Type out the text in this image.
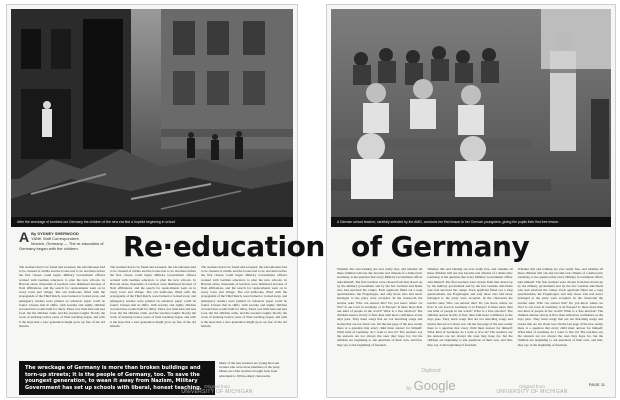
After the wreckage of bombed-out Germany the children of the new era find a hopeful beginning in school
A By SYDNEY SHERWOOD
YANK Staff Correspondent
Munich, Germany — The re-education of Germany began with the children.	Re·education
The teachers had to be found and screened, the schoolhouses had to be cleaned of rubble and the books had to be rewritten before the first classes could begin. Military Government officers worked with German educators to plan the new schools. In Bavaria alone, thousands of teachers were dismissed because of Nazi affiliations, and the search for replacements went on in every town and village. The old textbooks, filled with the propaganda of the Third Reich, were burned or locked away, and emergency readers were printed on whatever paper could be found. Classes met in shifts, with seventy and eighty children crowded into rooms built for thirty. There was little heat and less food, but the children came, and the teachers taught. Slowly the work of undoing twelve years of Nazi teaching began, and with it the hope that a new generation might grow up free of the old hatreds.
The teachers had to be found and screened, the schoolhouses had to be cleaned of rubble and the books had to be rewritten before the first classes could begin. Military Government officers worked with German educators to plan the new schools. In Bavaria alone, thousands of teachers were dismissed because of Nazi affiliations, and the search for replacements went on in every town and village. The old textbooks, filled with the propaganda of the Third Reich, were burned or locked away, and emergency readers were printed on whatever paper could be found. Classes met in shifts, with seventy and eighty children crowded into rooms built for thirty. There was little heat and less food, but the children came, and the teachers taught. Slowly the work of undoing twelve years of Nazi teaching began, and with it the hope that a new generation might grow up free of the old hatreds.
The teachers had to be found and screened, the schoolhouses had to be cleaned of rubble and the books had to be rewritten before the first classes could begin. Military Government officers worked with German educators to plan the new schools. In Bavaria alone, thousands of teachers were dismissed because of Nazi affiliations, and the search for replacements went on in every town and village. The old textbooks, filled with the propaganda of the Third Reich, were burned or locked away, and emergency readers were printed on whatever paper could be found. Classes met in shifts, with seventy and eighty children crowded into rooms built for thirty. There was little heat and less food, but the children came, and the teachers taught. Slowly the work of undoing twelve years of Nazi teaching began, and with it the hope that a new generation might grow up free of the old hatreds.
The wreckage of Germany is more than broken buildings and torn-up streets; it is the people of Germany, too. To save the youngest generation, to wean it away from Nazism, Military Government has set up schools with liberal, honest teaching.
Many of the new teachers are young men and women who were never members of the party. Others are older teachers brought back from retirement to fill the empty classrooms.
Original from
UNIVERSITY OF MICHIGAN
A German school teacher, carefully selected by the AMG, conducts her first lesson to her German youngsters, giving the pupils their first free lesson.
of Germany
Whether this and training are ever really free, and whether all these children will one day become real citizens of a democratic Germany, is the question that every Military Government officer asks himself. The first teachers were chosen from lists drawn up by the military government and by the few German anti-Nazis who had survived the camps. Each applicant filled out a long questionnaire, the Fragebogen, and only those who had never belonged to the party were accepted. In the classroom the teacher asks: Who can answer this? Do you know where we live? Is our town in Germany or in Europe? Is there more than one kind of people in the world? What is a free election? The children answer slowly at first, then with more confidence as the days pass. They learn songs that are not marching songs and stories that are not about war. On the last page of the new reader there is a question that every child must answer for himself: What kind of Germany do I want to live in? The teachers say the answers are not always the ones they hope for, but the children are beginning to ask questions of their own, and that, they say, is the beginning of freedom.
Whether this and training are ever really free, and whether all these children will one day become real citizens of a democratic Germany, is the question that every Military Government officer asks himself. The first teachers were chosen from lists drawn up by the military government and by the few German anti-Nazis who had survived the camps. Each applicant filled out a long questionnaire, the Fragebogen, and only those who had never belonged to the party were accepted. In the classroom the teacher asks: Who can answer this? Do you know where we live? Is our town in Germany or in Europe? Is there more than one kind of people in the world? What is a free election? The children answer slowly at first, then with more confidence as the days pass. They learn songs that are not marching songs and stories that are not about war. On the last page of the new reader there is a question that every child must answer for himself: What kind of Germany do I want to live in? The teachers say the answers are not always the ones they hope for, but the children are beginning to ask questions of their own, and that, they say, is the beginning of freedom.
Whether this and training are ever really free, and whether all these children will one day become real citizens of a democratic Germany, is the question that every Military Government officer asks himself. The first teachers were chosen from lists drawn up by the military government and by the few German anti-Nazis who had survived the camps. Each applicant filled out a long questionnaire, the Fragebogen, and only those who had never belonged to the party were accepted. In the classroom the teacher asks: Who can answer this? Do you know where we live? Is our town in Germany or in Europe? Is there more than one kind of people in the world? What is a free election? The children answer slowly at first, then with more confidence as the days pass. They learn songs that are not marching songs and stories that are not about war. On the last page of the new reader there is a question that every child must answer for himself: What kind of Germany do I want to live in? The teachers say the answers are not always the ones they hope for, but the children are beginning to ask questions of their own, and that, they say, is the beginning of freedom.
Digitized by Google	Original from
UNIVERSITY OF MICHIGAN
PAGE 11
